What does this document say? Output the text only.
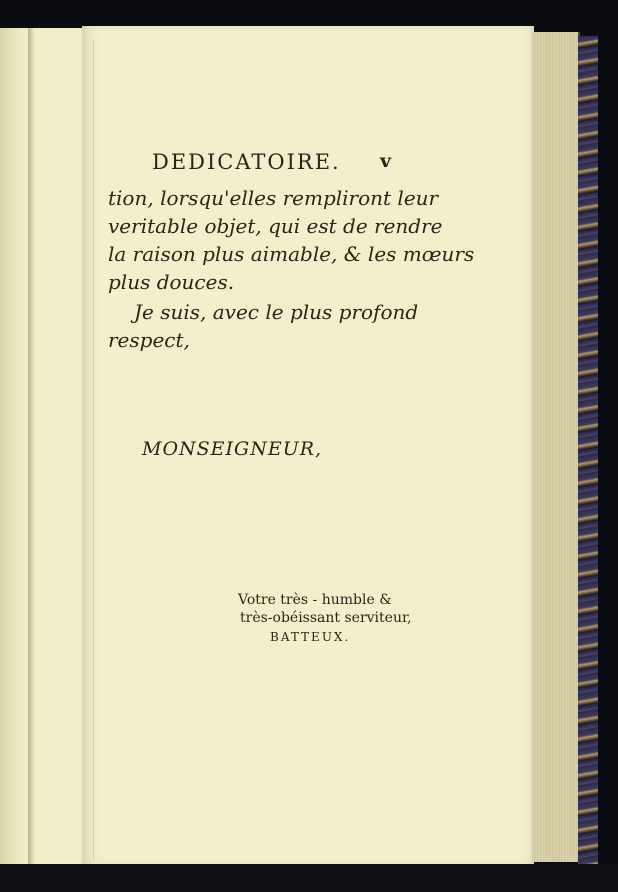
DEDICATOIRE. v
tion, lorsqu'elles rempliront leur
veritable objet, qui est de rendre
la raison plus aimable, & les mœurs
plus douces.
Je suis, avec le plus profond
respect,
MONSEIGNEUR,
Votre très - humble &
très-obéissant serviteur,
BATTEUX.
